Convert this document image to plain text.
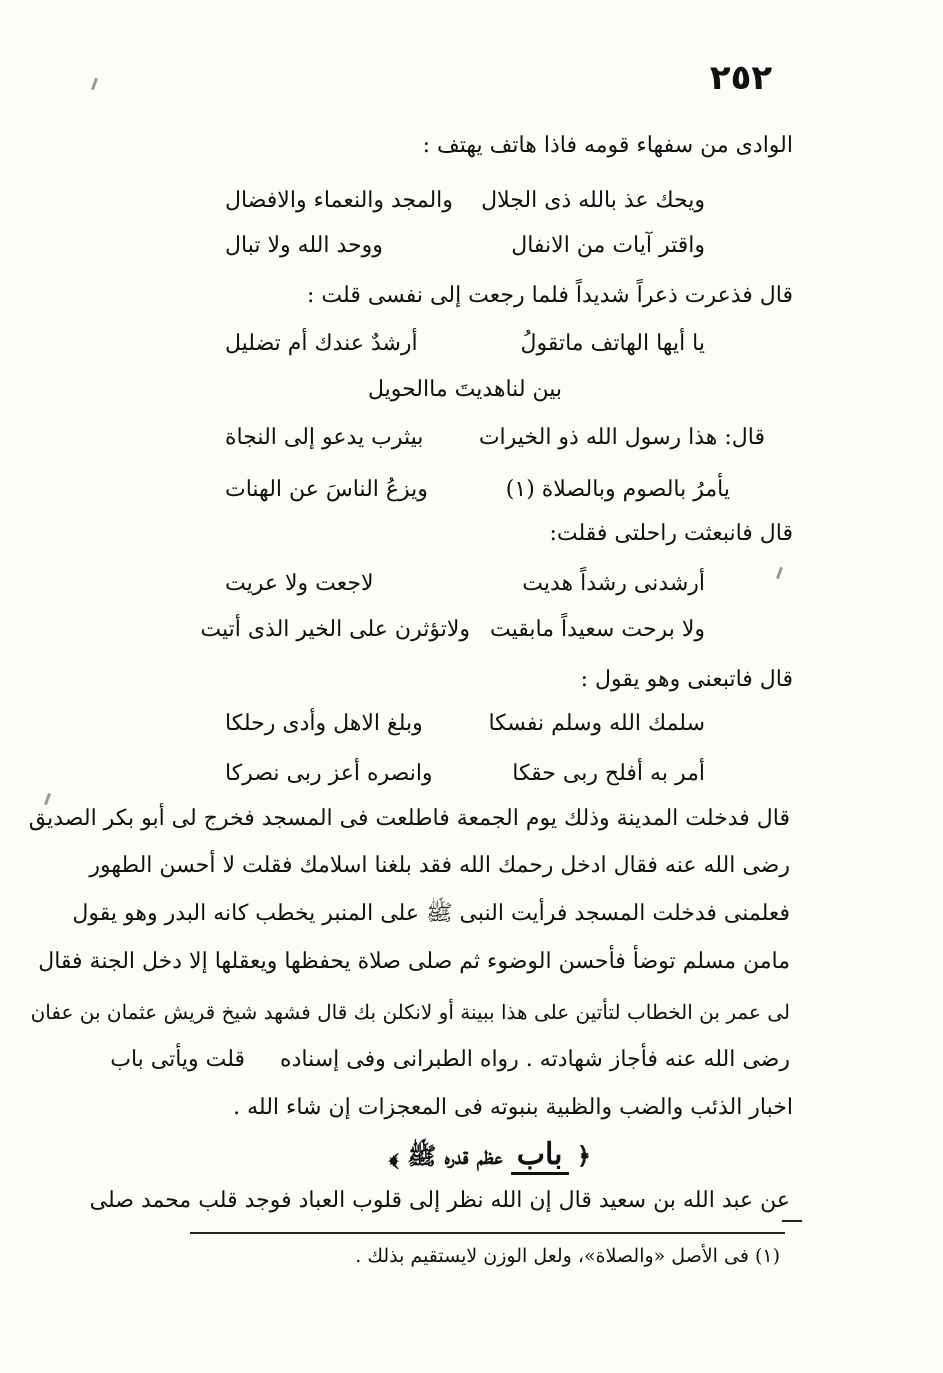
٢٥٢
الوادى من سفهاء قومه فاذا هاتف يهتف :
ويحك عذ بالله ذى الجلال
والمجد والنعماء والافضال
واقتر آيات من الانفال
ووحد الله ولا تبال
قال فذعرت ذعراً شديداً فلما رجعت إلى نفسى قلت :
يا أيها الهاتف ماتقولُ
أرشدٌ عندك أم تضليل
بين لناهديتَ ماالحويل
قال: هذا رسول الله ذو الخيرات
بيثرب يدعو إلى النجاة
يأمرُ بالصوم وبالصلاة (١)
ويزعُ الناسَ عن الهنات
قال فانبعثت راحلتى فقلت:
أرشدنى رشداً هديت
لاجعت ولا عريت
ولا برحت سعيداً مابقيت
ولاتؤثرن على الخير الذى أتيت
قال فاتبعنى وهو يقول :
سلمك الله وسلم نفسكا
وبلغ الاهل وأدى رحلكا
أمر به أفلح ربى حقكا
وانصره أعز ربى نصركا
قال فدخلت المدينة وذلك يوم الجمعة فاطلعت فى المسجد فخرج لى أبو بكر الصديق
رضى الله عنه فقال ادخل رحمك الله فقد بلغنا اسلامك فقلت لا أحسن الطهور
فعلمنى فدخلت المسجد فرأيت النبى ﷺ على المنبر يخطب كانه البدر وهو يقول
مامن مسلم توضأ فأحسن الوضوء ثم صلى صلاة يحفظها ويعقلها إلا دخل الجنة فقال
لى عمر بن الخطاب لتأتين على هذا ببينة أو لانكلن بك قال فشهد شيخ قريش عثمان بن عفان
رضى الله عنه فأجاز شهادته . رواه الطبرانى وفى إسناده     قلت ويأتى باب
اخبار الذئب والضب والظبية بنبوته فى المعجزات إن شاء الله .
﴿ باب عظم قدره ﷺ ﴾
عن عبد الله بن سعيد قال إن الله نظر إلى قلوب العباد فوجد قلب محمد صلى
(١) فى الأصل «والصلاة»، ولعل الوزن لايستقيم بذلك .
